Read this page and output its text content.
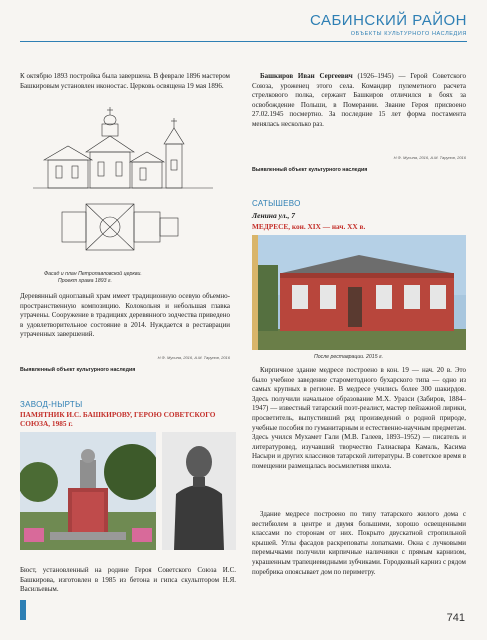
САБИНСКИЙ РАЙОН
ОБЪЕКТЫ КУЛЬТУРНОГО НАСЛЕДИЯ

К октябрю 1893 постройка была завершена. В феврале 1896 мастером Башкировым установлен иконостас. Церковь освящена 19 мая 1896.

Фасад и план Петропавловской церкви.
Проект храма 1893 г.

Деревянный одноглавый храм имеет традиционную осевую объемно-пространственную композицию. Колокольня и небольшая главка утрачены. Сооружение в традициях деревянного зодчества приведено в удовлетворительное состояние в 2014. Нуждается в реставрации утраченных завершений.

Н.Ф. Мусина, 2016, А.М. Тарунов, 2016
Выявленный объект культурного наследия
ЗАВОД-НЫРТЫ
ПАМЯТНИК И.С. БАШКИРОВУ, ГЕРОЮ СОВЕТСКОГО СОЮЗА, 1985 г.

Бюст, установленный на родине Героя Советского Союза И.С. Башкирова, изготовлен в 1985 из бетона и гипса скульптором Н.Я. Васильевым.

Башкиров Иван Сергеевич (1926–1945) — Герой Советского Союза, уроженец этого села. Командир пулеметного расчета стрелкового полка, сержант Башкиров отличился в боях за освобождение Польши, в Померании. Звание Героя присвоено 27.02.1945 посмертно. За последние 15 лет форма постамента менялась несколько раз.

Н.Ф. Мусина, 2016, А.М. Тарунов, 2016
Выявленный объект культурного наследия
САТЫШЕВО
Ленина ул., 7
МЕДРЕСЕ, кон. XIX — нач. XX в.
После реставрации. 2015 г.

Кирпичное здание медресе построено в кон. 19 — нач. 20 в. Это было учебное заведение старометодного бухарского типа — одно из самых крупных в регионе. В медресе учились более 300 шакирдов. Здесь получили начальное образование М.Х. Уразси (Забиров, 1884–1947) — известный татарский поэт-реалист, мастер пейзажной лирики, просветитель, выпустивший ряд произведений о родной природе, учебные пособия по гуманитарным и естественно-научным предметам. Здесь учился Мухамет Гали (М.В. Галеев, 1893–1952) — писатель и литературовед, изучавший творчество Галиасвара Камаль, Касима Насыри и других классиков татарской литературы. В советское время в помещении размещалась восьмилетняя школа.

Здание медресе построено по типу татарского жилого дома с вестибюлем в центре и двумя большими, хорошо освещенными классами по сторонам от них. Покрыто двускатной стропильной крышей. Углы фасадов раскреповаты лопатками. Окна с лучковыми перемычками получили кирпичные наличники с прямым карнизом, украшенным трапециевидными зубчиками. Городковый карниз с рядом поребрика опоясывает дом по периметру.

741
